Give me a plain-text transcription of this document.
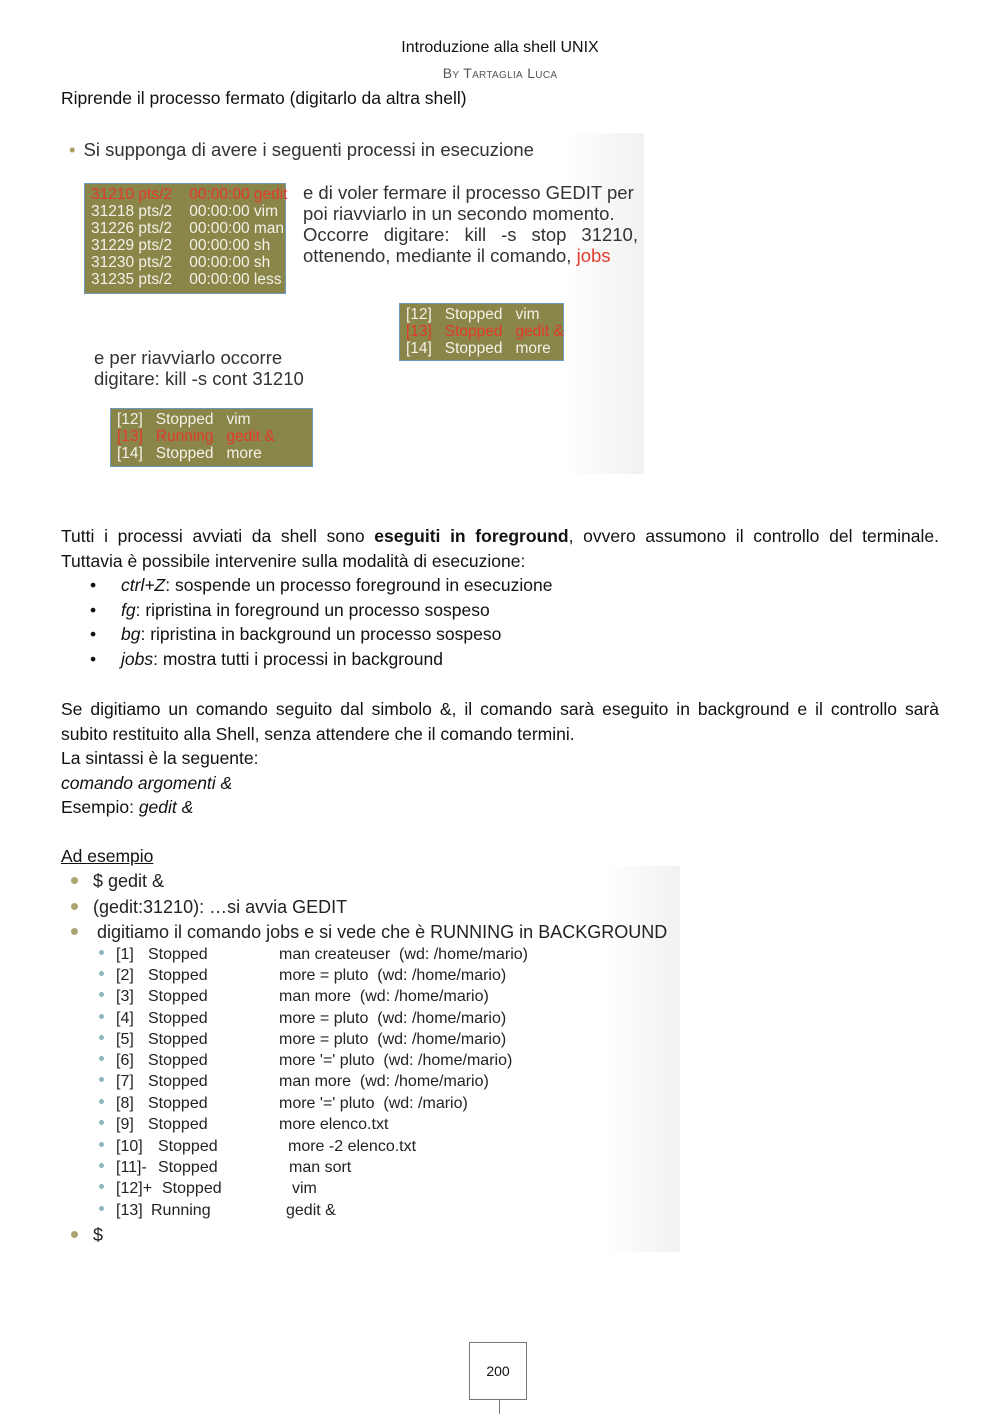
Introduzione alla shell UNIX
By Tartaglia Luca
Riprende il processo fermato (digitarlo da altra shell)
• Si supponga di avere i seguenti processi in esecuzione
31210 pts/2    00:00:00 gedit
31218 pts/2    00:00:00 vim
31226 pts/2    00:00:00 man
31229 pts/2    00:00:00 sh
31230 pts/2    00:00:00 sh
31235 pts/2    00:00:00 less
e di voler fermare il processo GEDIT per
poi riavviarlo in un secondo momento.
Occorre digitare: kill -s stop 31210,
ottenendo, mediante il comando, jobs
[12]   Stopped   vim
[13]   Stopped   gedit &
[14]   Stopped   more
e per riavviarlo occorre
digitare: kill -s cont 31210
[12]   Stopped   vim
[13]   Running   gedit &
[14]   Stopped   more
Tutti i processi avviati da shell sono eseguiti in foreground, ovvero assumono il controllo del terminale.
Tuttavia è possibile intervenire sulla modalità di esecuzione:
• ctrl+Z: sospende un processo foreground in esecuzione
• fg: ripristina in foreground un processo sospeso
• bg: ripristina in background un processo sospeso
• jobs: mostra tutti i processi in background
Se digitiamo un comando seguito dal simbolo &, il comando sarà eseguito in background e il controllo sarà
subito restituito alla Shell, senza attendere che il comando termini.
La sintassi è la seguente:
comando argomenti &
Esempio: gedit &
Ad esempio
$ gedit &
(gedit:31210): …si avvia GEDIT
digitiamo il comando jobs e si vede che è RUNNING in BACKGROUND
[1] Stopped	man createuser  (wd: /home/mario)
[2] Stopped	more = pluto  (wd: /home/mario)
[3] Stopped	man more  (wd: /home/mario)
[4] Stopped	more = pluto  (wd: /home/mario)
[5] Stopped	more = pluto  (wd: /home/mario)
[6] Stopped	more '=' pluto  (wd: /home/mario)
[7] Stopped	man more  (wd: /home/mario)
[8] Stopped	more '=' pluto  (wd: /mario)
[9] Stopped	more elenco.txt
[10] Stopped	more -2 elenco.txt
[11]- Stopped	man sort
[12]+ Stopped	vim
[13] Running	gedit &
$
200
